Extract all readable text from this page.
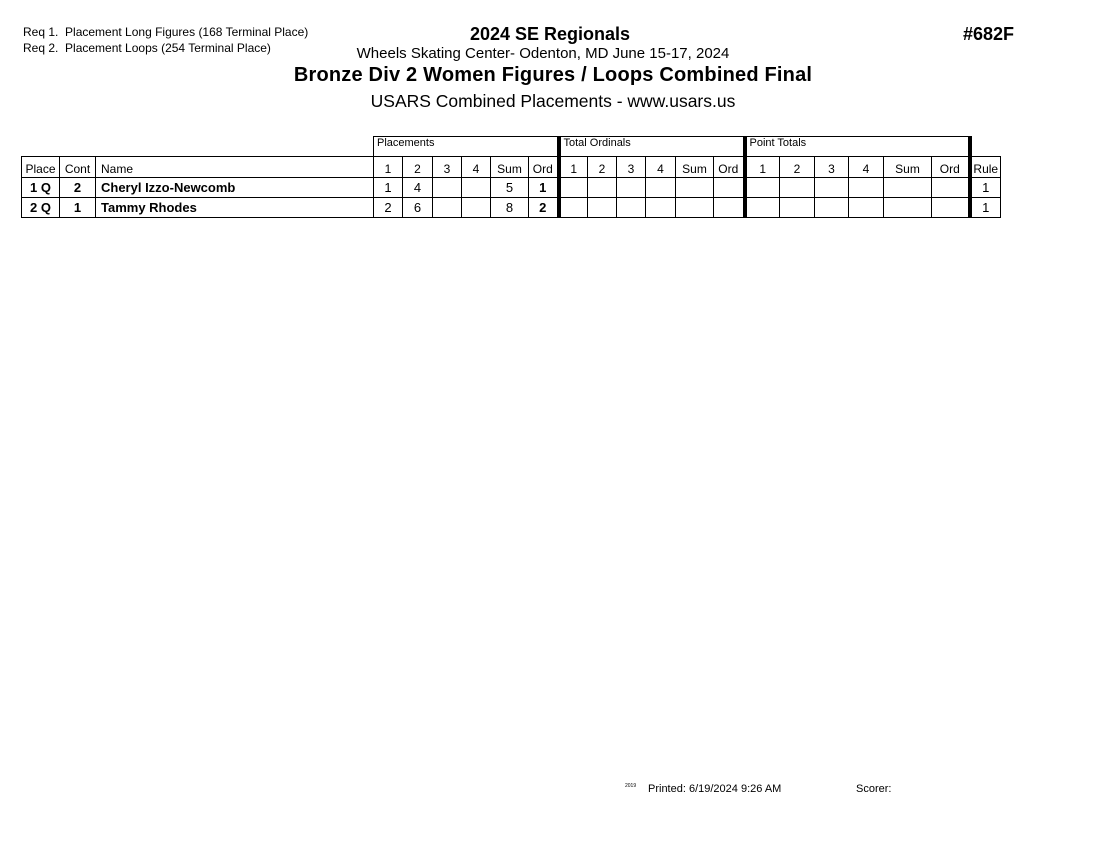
Req 1. Placement Long Figures (168 Terminal Place)
Req 2. Placement Loops (254 Terminal Place)
2024 SE Regionals
Wheels Skating Center- Odenton, MD June 15-17, 2024
Bronze Div 2 Women Figures / Loops Combined Final
USARS Combined Placements - www.usars.us
#682F
			Placements						Total Ordinals						Point Totals						
Place	Cont	Name	1	2	3	4	Sum	Ord	1	2	3	4	Sum	Ord	1	2	3	4	Sum	Ord	Rule
1 Q	2	Cheryl Izzo-Newcomb	1	4			5	1													1
2 Q	1	Tammy Rhodes	2	6			8	2													1
2019 Printed: 6/19/2024 9:26 AM	Scorer:
